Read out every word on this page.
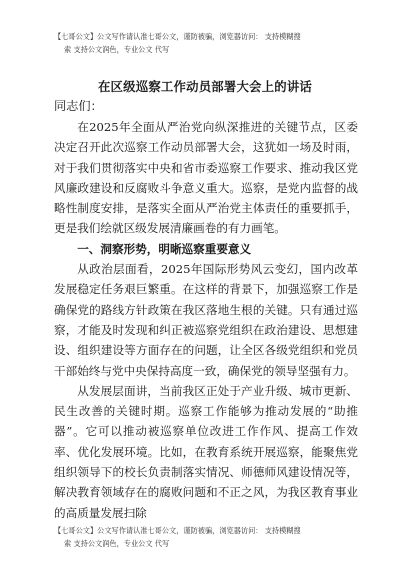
【七哥公文】公文写作请认准七哥公文，谨防被骗，浏览器访问： 支持模糊搜
索 支持公文润色，专业公文 代写
在区级巡察工作动员部署大会上的讲话
同志们：

在2025年全面从严治党向纵深推进的关键节点，区委决定召开此次巡察工作动员部署大会，这犹如一场及时雨，对于我们贯彻落实中央和省市委巡察工作要求、推动我区党风廉政建设和反腐败斗争意义重大。巡察，是党内监督的战略性制度安排，是落实全面从严治党主体责任的重要抓手，更是我们绘就区级发展清廉画卷的有力画笔。

一、洞察形势，明晰巡察重要意义

从政治层面看，2025年国际形势风云变幻，国内改革发展稳定任务艰巨繁重。在这样的背景下，加强巡察工作是确保党的路线方针政策在我区落地生根的关键。只有通过巡察，才能及时发现和纠正被巡察党组织在政治建设、思想建设、组织建设等方面存在的问题，让全区各级党组织和党员干部始终与党中央保持高度一致，确保党的领导坚强有力。

从发展层面讲，当前我区正处于产业升级、城市更新、民生改善的关键时期。巡察工作能够为推动发展的“助推器”。它可以推动被巡察单位改进工作作风、提高工作效率、优化发展环境。比如，在教育系统开展巡察，能聚焦党组织领导下的校长负责制落实情况、师德师风建设情况等，解决教育领域存在的腐败问题和不正之风，为我区教育事业的高质量发展扫除

【七哥公文】公文写作请认准七哥公文，谨防被骗，浏览器访问： 支持模糊搜
索 支持公文润色，专业公文 代写
